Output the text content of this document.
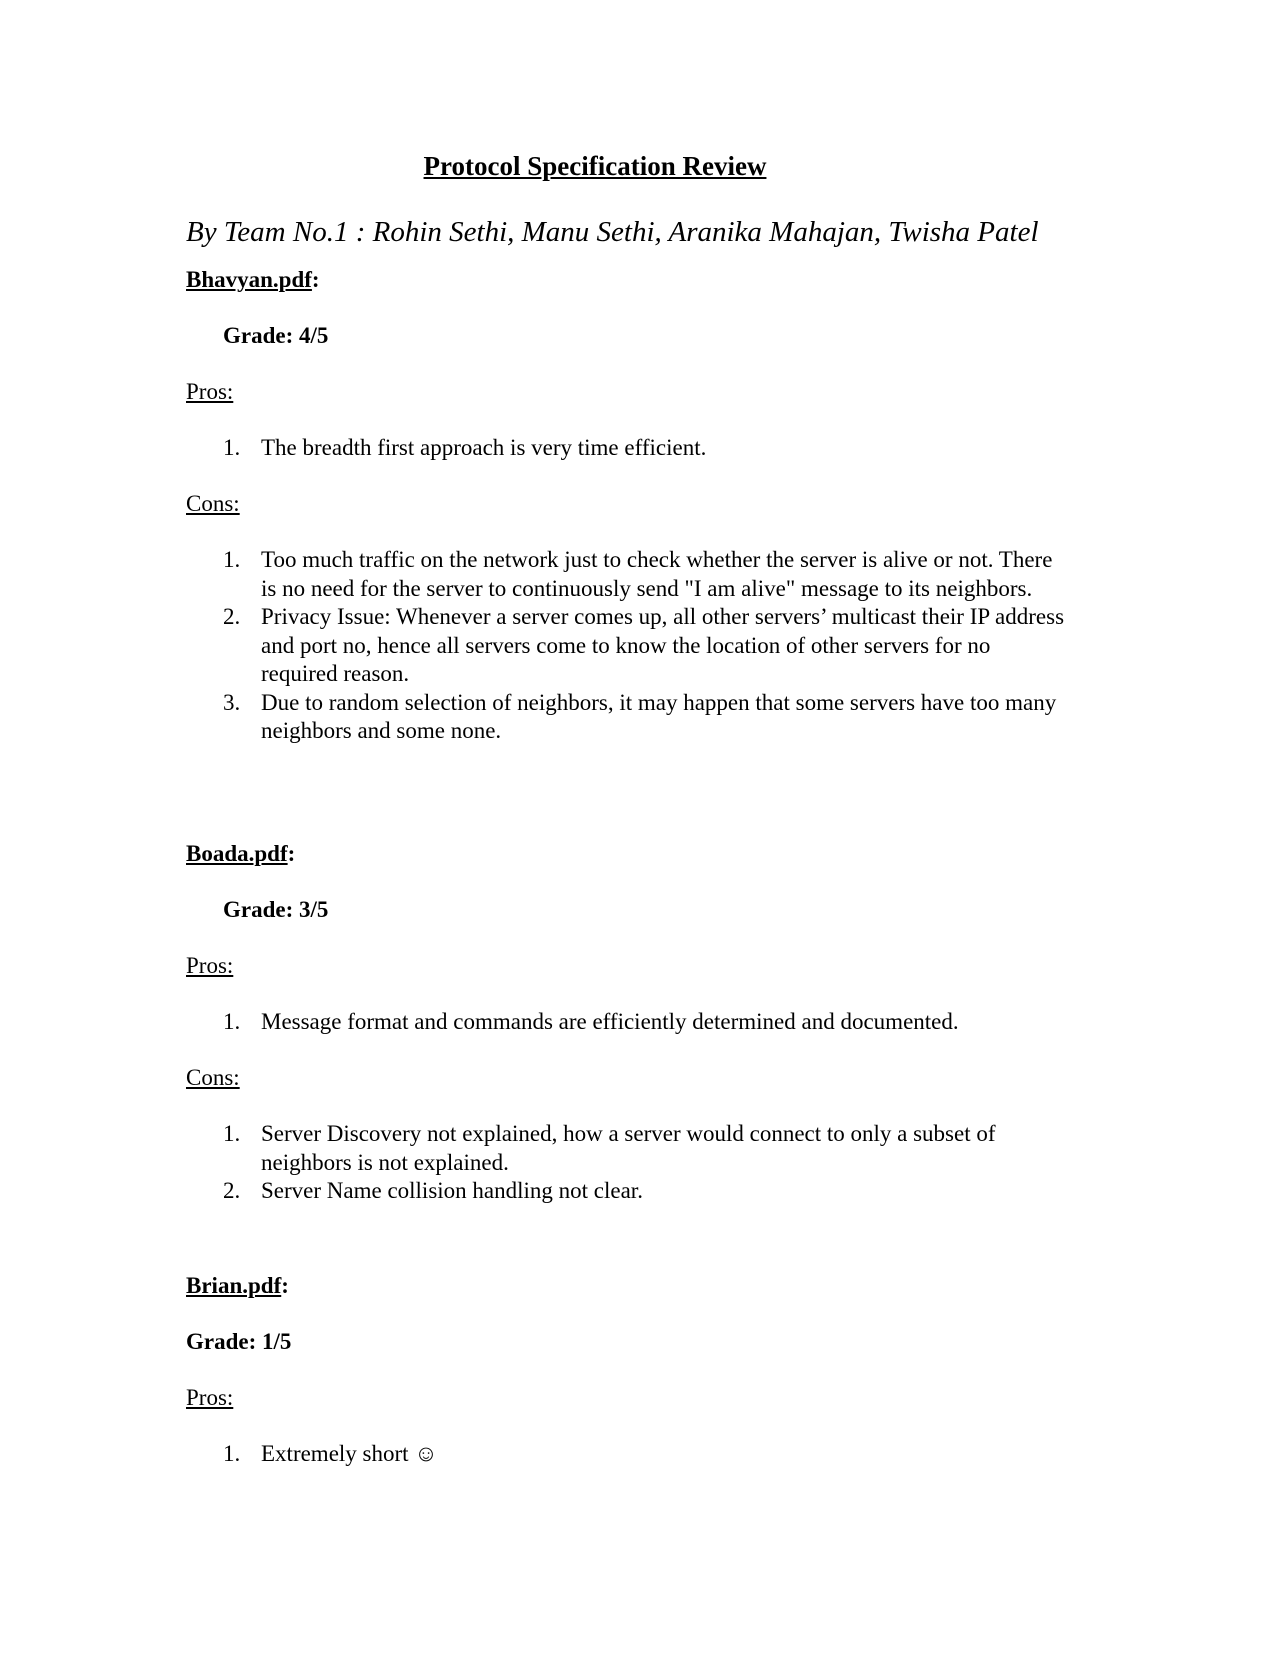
Protocol Specification Review

By Team No.1 : Rohin Sethi, Manu Sethi, Aranika Mahajan, Twisha Patel

Bhavyan.pdf:

Grade: 4/5

Pros:

1. The breadth first approach is very time efficient.

Cons:

1. Too much traffic on the network just to check whether the server is alive or not. There is no need for the server to continuously send "I am alive" message to its neighbors.
2. Privacy Issue: Whenever a server comes up, all other servers’ multicast their IP address and port no, hence all servers come to know the location of other servers for no required reason.
3. Due to random selection of neighbors, it may happen that some servers have too many neighbors and some none.

Boada.pdf:

Grade: 3/5

Pros:

1. Message format and commands are efficiently determined and documented.

Cons:

1. Server Discovery not explained, how a server would connect to only a subset of neighbors is not explained.
2. Server Name collision handling not clear.

Brian.pdf:

Grade: 1/5

Pros:

1. Extremely short ☺
